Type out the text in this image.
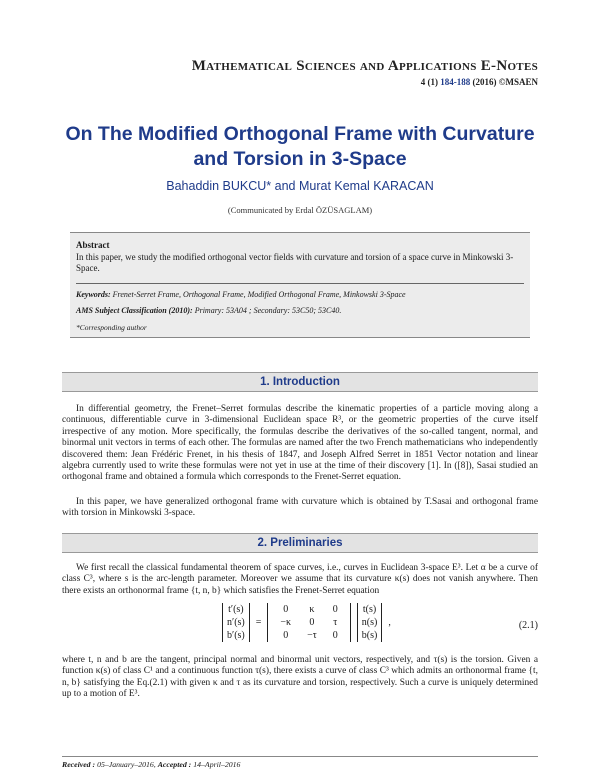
Mathematical Sciences and Applications E-Notes
4 (1) 184-188 (2016) ©MSAEN
On The Modified Orthogonal Frame with Curvature
and Torsion in 3-Space
Bahaddin BUKCU* and Murat Kemal KARACAN
(Communicated by Erdal ÖZÜSAGLAM)
Abstract
In this paper, we study the modified orthogonal vector fields with curvature and torsion of a space curve in Minkowski 3-Space.
Keywords: Frenet-Serret Frame, Orthogonal Frame, Modified Orthogonal Frame, Minkowski 3-Space
AMS Subject Classification (2010): Primary: 53A04 ; Secondary: 53C50; 53C40.
*Corresponding author
1. Introduction
In differential geometry, the Frenet–Serret formulas describe the kinematic properties of a particle moving along a continuous, differentiable curve in 3-dimensional Euclidean space R³, or the geometric properties of the curve itself irrespective of any motion. More specifically, the formulas describe the derivatives of the so-called tangent, normal, and binormal unit vectors in terms of each other. The formulas are named after the two French mathematicians who independently discovered them: Jean Frédéric Frenet, in his thesis of 1847, and Joseph Alfred Serret in 1851 Vector notation and linear algebra currently used to write these formulas were not yet in use at the time of their discovery [1]. In ([8]), Sasai studied an orthogonal frame and obtained a formula which corresponds to the Frenet-Serret equation.
In this paper, we have generalized orthogonal frame with curvature which is obtained by T.Sasai and orthogonal frame with torsion in Minkowski 3-space.
2. Preliminaries
We first recall the classical fundamental theorem of space curves, i.e., curves in Euclidean 3-space E³. Let α be a curve of class C³, where s is the arc-length parameter. Moreover we assume that its curvature κ(s) does not vanish anywhere. Then there exists an orthonormal frame {t, n, b} which satisfies the Frenet-Serret equation
t′(s)
n′(s)
b′(s)
=
0	κ	0
−κ	0	τ
0	−τ	0
t(s)
n(s)
b(s)
,	(2.1)
where t, n and b are the tangent, principal normal and binormal unit vectors, respectively, and τ(s) is the torsion. Given a function κ(s) of class C¹ and a continuous function τ(s), there exists a curve of class C³ which admits an orthonormal frame {t, n, b} satisfying the Eq.(2.1) with given κ and τ as its curvature and torsion, respectively. Such a curve is uniquely determined up to a motion of E³.
Received : 05–January–2016, Accepted : 14–April–2016
